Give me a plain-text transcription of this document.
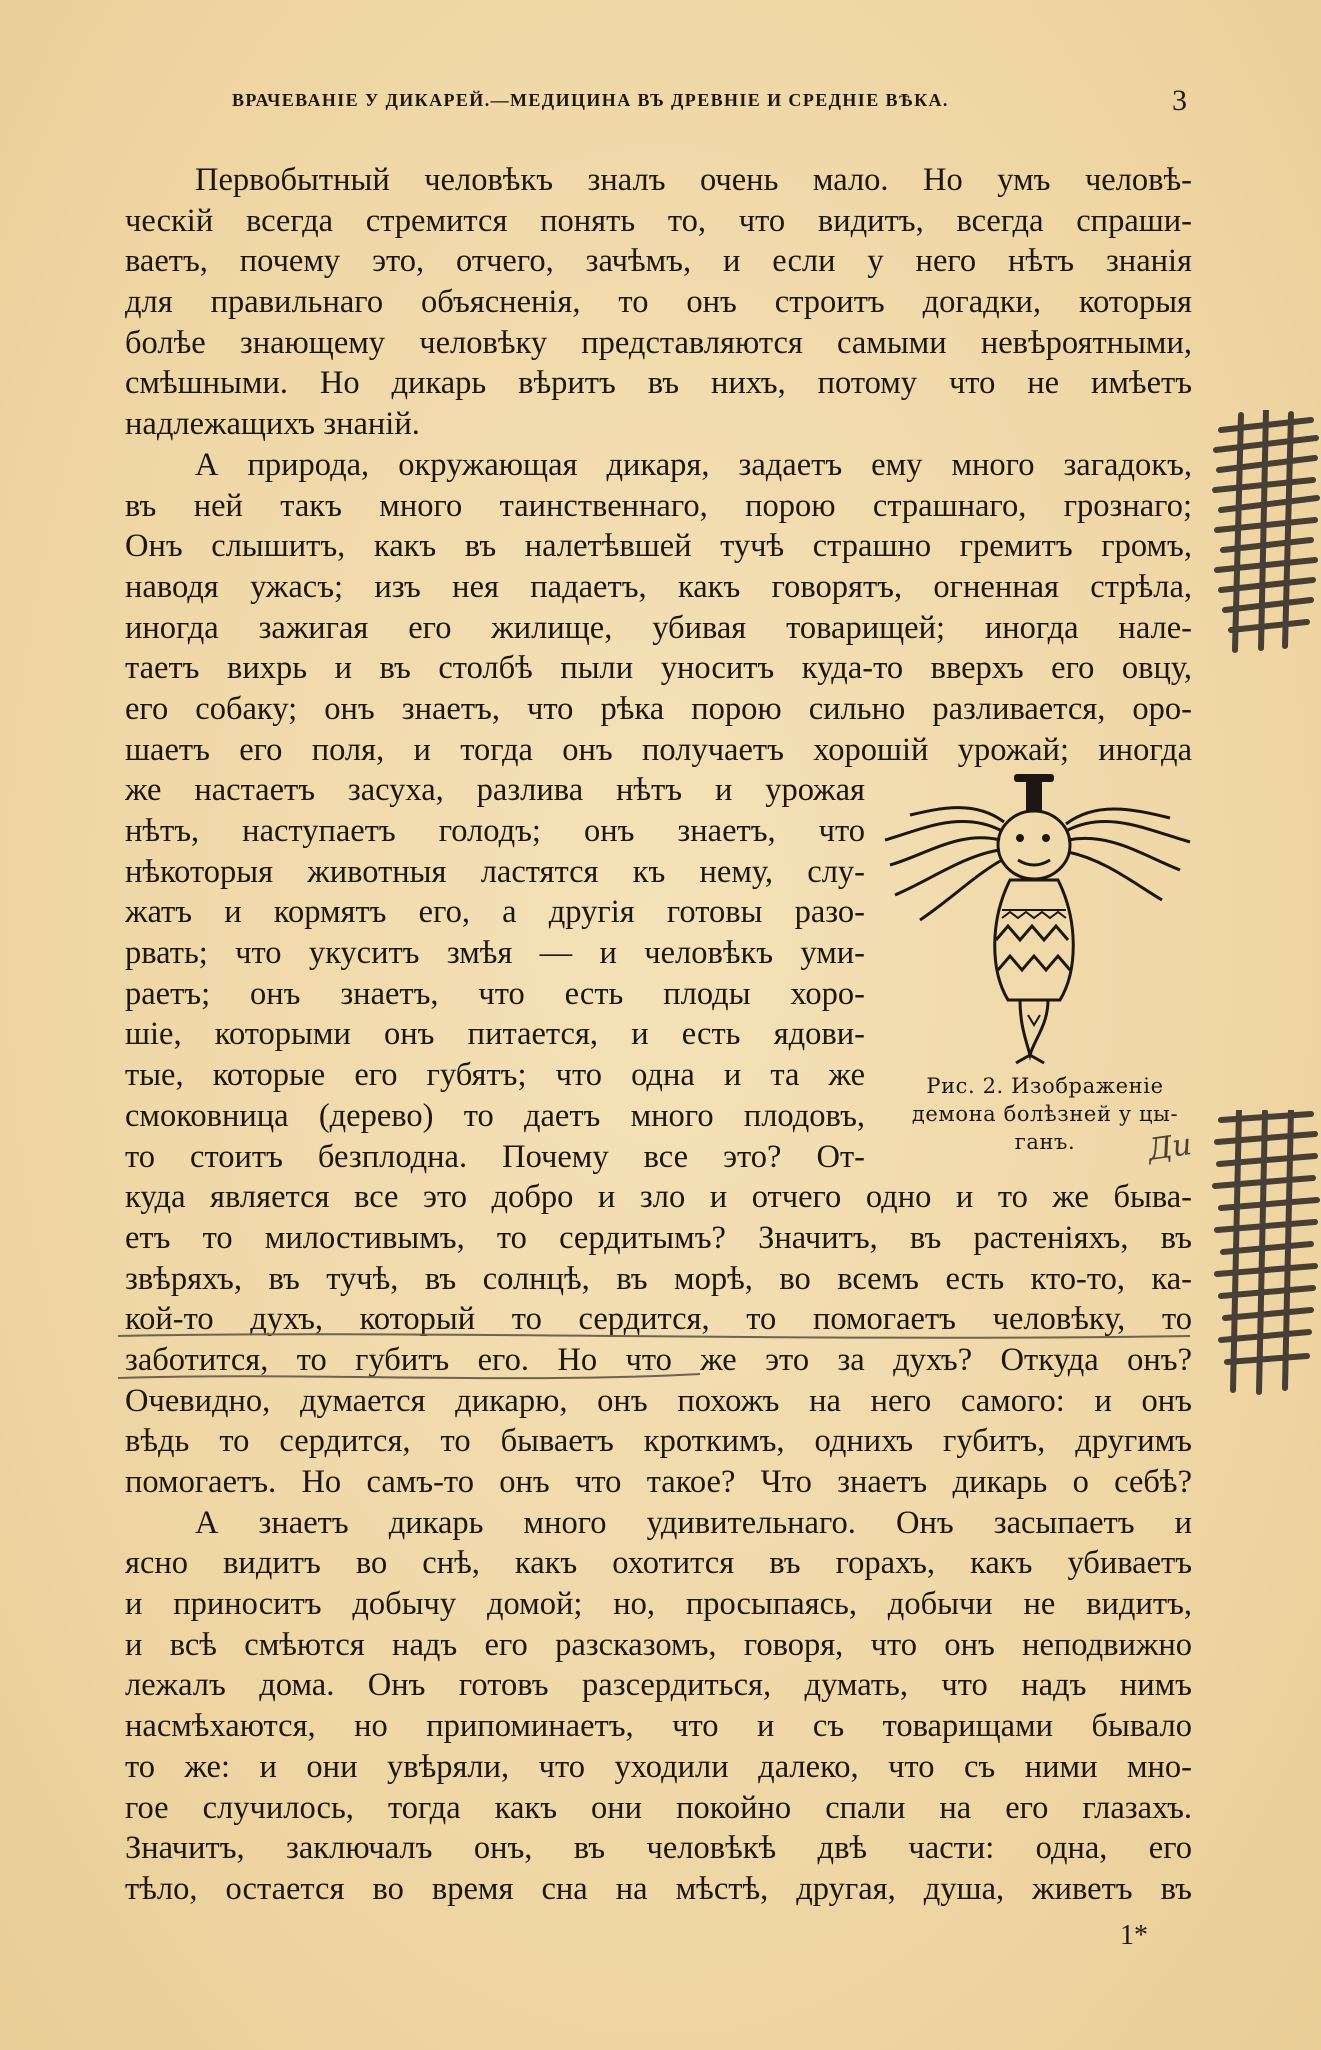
ВРАЧЕВАНІЕ У ДИКАРЕЙ.—МЕДИЦИНА ВЪ ДРЕВНІЕ И СРЕДНІЕ ВѢКА.	3
Первобытный человѣкъ зналъ очень мало. Но умъ человѣ-
ческій всегда стремится понять то, что видитъ, всегда спраши-
ваетъ, почему это, отчего, зачѣмъ, и если у него нѣтъ знанія
для правильнаго объясненія, то онъ строитъ догадки, которыя
болѣе знающему человѣку представляются самыми невѣроятными,
смѣшными. Но дикарь вѣритъ въ нихъ, потому что не имѣетъ
надлежащихъ знаній.
А природа, окружающая дикаря, задаетъ ему много загадокъ,
въ ней такъ много таинственнаго, порою страшнаго, грознаго;
Онъ слышитъ, какъ въ налетѣвшей тучѣ страшно гремитъ громъ,
наводя ужасъ; изъ нея падаетъ, какъ говорятъ, огненная стрѣла,
иногда зажигая его жилище, убивая товарищей; иногда нале-
таетъ вихрь и въ столбѣ пыли уноситъ куда-то вверхъ его овцу,
его собаку; онъ знаетъ, что рѣка порою сильно разливается, оро-
шаетъ его поля, и тогда онъ получаетъ хорошій урожай; иногда
же настаетъ засуха, разлива нѣтъ и урожая
нѣтъ, наступаетъ голодъ; онъ знаетъ, что
нѣкоторыя животныя ластятся къ нему, слу-
жатъ и кормятъ его, а другія готовы разо-
рвать; что укуситъ змѣя — и человѣкъ уми-
раетъ; онъ знаетъ, что есть плоды хоро-
шіе, которыми онъ питается, и есть ядови-
тые, которые его губятъ; что одна и та же
смоковница (дерево) то даетъ много плодовъ,
то стоитъ безплодна. Почему все это? От-
куда является все это добро и зло и отчего одно и то же быва-
етъ то милостивымъ, то сердитымъ? Значитъ, въ растеніяхъ, въ
звѣряхъ, въ тучѣ, въ солнцѣ, въ морѣ, во всемъ есть кто-то, ка-
кой-то духъ, который то сердится, то помогаетъ человѣку, то
заботится, то губитъ его. Но что же это за духъ? Откуда онъ?
Очевидно, думается дикарю, онъ похожъ на него самого: и онъ
вѣдь то сердится, то бываетъ кроткимъ, однихъ губитъ, другимъ
помогаетъ. Но самъ-то онъ что такое? Что знаетъ дикарь о себѣ?
А знаетъ дикарь много удивительнаго. Онъ засыпаетъ и
ясно видитъ во снѣ, какъ охотится въ горахъ, какъ убиваетъ
и приноситъ добычу домой; но, просыпаясь, добычи не видитъ,
и всѣ смѣются надъ его разсказомъ, говоря, что онъ неподвижно
лежалъ дома. Онъ готовъ разсердиться, думать, что надъ нимъ
насмѣхаются, но припоминаетъ, что и съ товарищами бывало
то же: и они увѣряли, что уходили далеко, что съ ними мно-
гое случилось, тогда какъ они покойно спали на его глазахъ.
Значитъ, заключалъ онъ, въ человѣкѣ двѣ части: одна, его
тѣло, остается во время сна на мѣстѣ, другая, душа, живетъ въ
Рис. 2. Изображеніе
демона болѣзней у цы-
ганъ.	Ди
1*
